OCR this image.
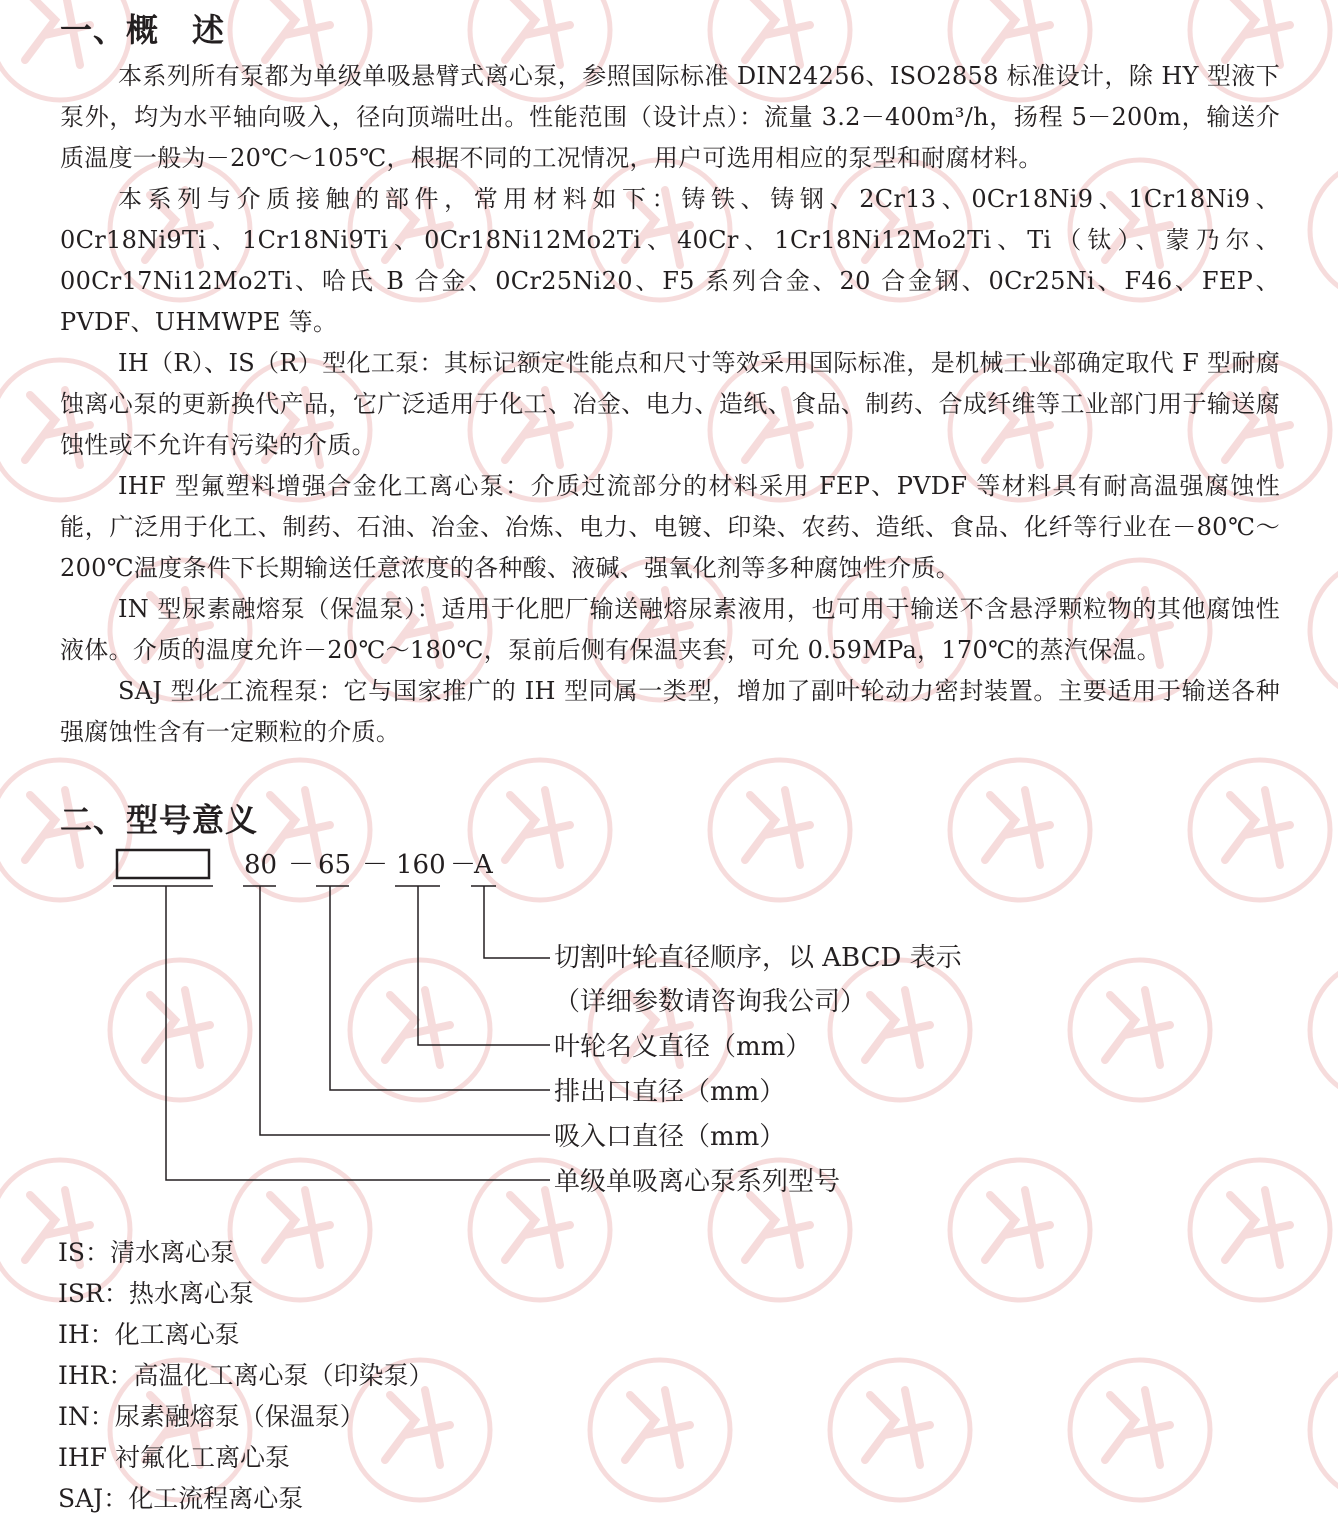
一、概　述

本系列所有泵都为单级单吸悬臂式离心泵，参照国际标准 DIN24256、ISO2858 标准设计，除 HY 型液下泵外，均为水平轴向吸入，径向顶端吐出。性能范围（设计点）：流量 3.2－400m³/h，扬程 5－200m，输送介质温度一般为－20℃～105℃，根据不同的工况情况，用户可选用相应的泵型和耐腐材料。

本系列与介质接触的部件，常用材料如下：铸铁、铸钢、2Cr13、0Cr18Ni9、1Cr18Ni9、0Cr18Ni9Ti、1Cr18Ni9Ti、0Cr18Ni12Mo2Ti、40Cr、1Cr18Ni12Mo2Ti、Ti（钛）、蒙乃尔、00Cr17Ni12Mo2Ti、哈氏 B 合金、0Cr25Ni20、F5 系列合金、20 合金钢、0Cr25Ni、F46、FEP、PVDF、UHMWPE 等。

IH（R）、IS（R）型化工泵：其标记额定性能点和尺寸等效采用国际标准，是机械工业部确定取代 F 型耐腐蚀离心泵的更新换代产品，它广泛适用于化工、冶金、电力、造纸、食品、制药、合成纤维等工业部门用于输送腐蚀性或不允许有污染的介质。

IHF 型氟塑料增强合金化工离心泵：介质过流部分的材料采用 FEP、PVDF 等材料具有耐高温强腐蚀性能，广泛用于化工、制药、石油、冶金、冶炼、电力、电镀、印染、农药、造纸、食品、化纤等行业在－80℃～200℃温度条件下长期输送任意浓度的各种酸、液碱、强氧化剂等多种腐蚀性介质。

IN 型尿素融熔泵（保温泵）：适用于化肥厂输送融熔尿素液用，也可用于输送不含悬浮颗粒物的其他腐蚀性液体。介质的温度允许－20℃～180℃，泵前后侧有保温夹套，可允 0.59MPa，170℃的蒸汽保温。

SAJ 型化工流程泵：它与国家推广的 IH 型同属一类型，增加了副叶轮动力密封装置。主要适用于输送各种强腐蚀性含有一定颗粒的介质。

二、型号意义
80 － 65 － 160 －
A
切割叶轮直径顺序，以 ABCD 表示
（详细参数请咨询我公司）
叶轮名义直径（mm）
排出口直径（mm）
吸入口直径（mm）
单级单吸离心泵系列型号
IS：清水离心泵
ISR：热水离心泵
IH：化工离心泵
IHR：高温化工离心泵（印染泵）
IN：尿素融熔泵（保温泵）
IHF 衬氟化工离心泵
SAJ：化工流程离心泵
